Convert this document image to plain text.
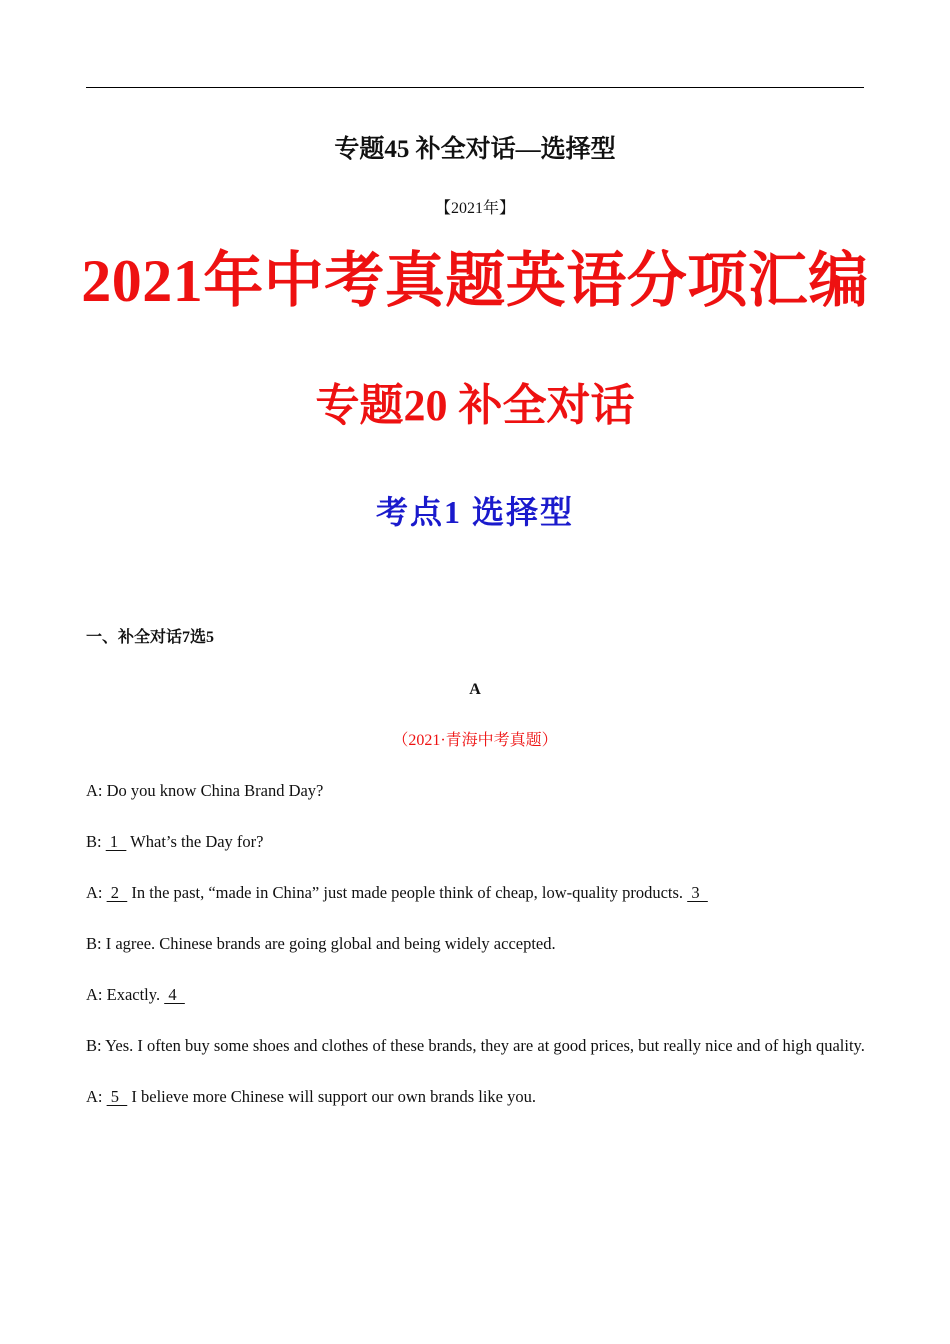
专题45 补全对话—选择型
【2021年】
2021年中考真题英语分项汇编
专题20 补全对话
考点1 选择型
一、补全对话7选5
A
（2021·青海中考真题）

A: Do you know China Brand Day?

B:  1   What’s the Day for?

A:  2   In the past, “made in China” just made people think of cheap, low-quality products.  3

B: I agree. Chinese brands are going global and being widely accepted.

A: Exactly.  4

B: Yes. I often buy some shoes and clothes of these brands, they are at good prices, but really nice and of high quality.

A:  5   I believe more Chinese will support our own brands like you.
